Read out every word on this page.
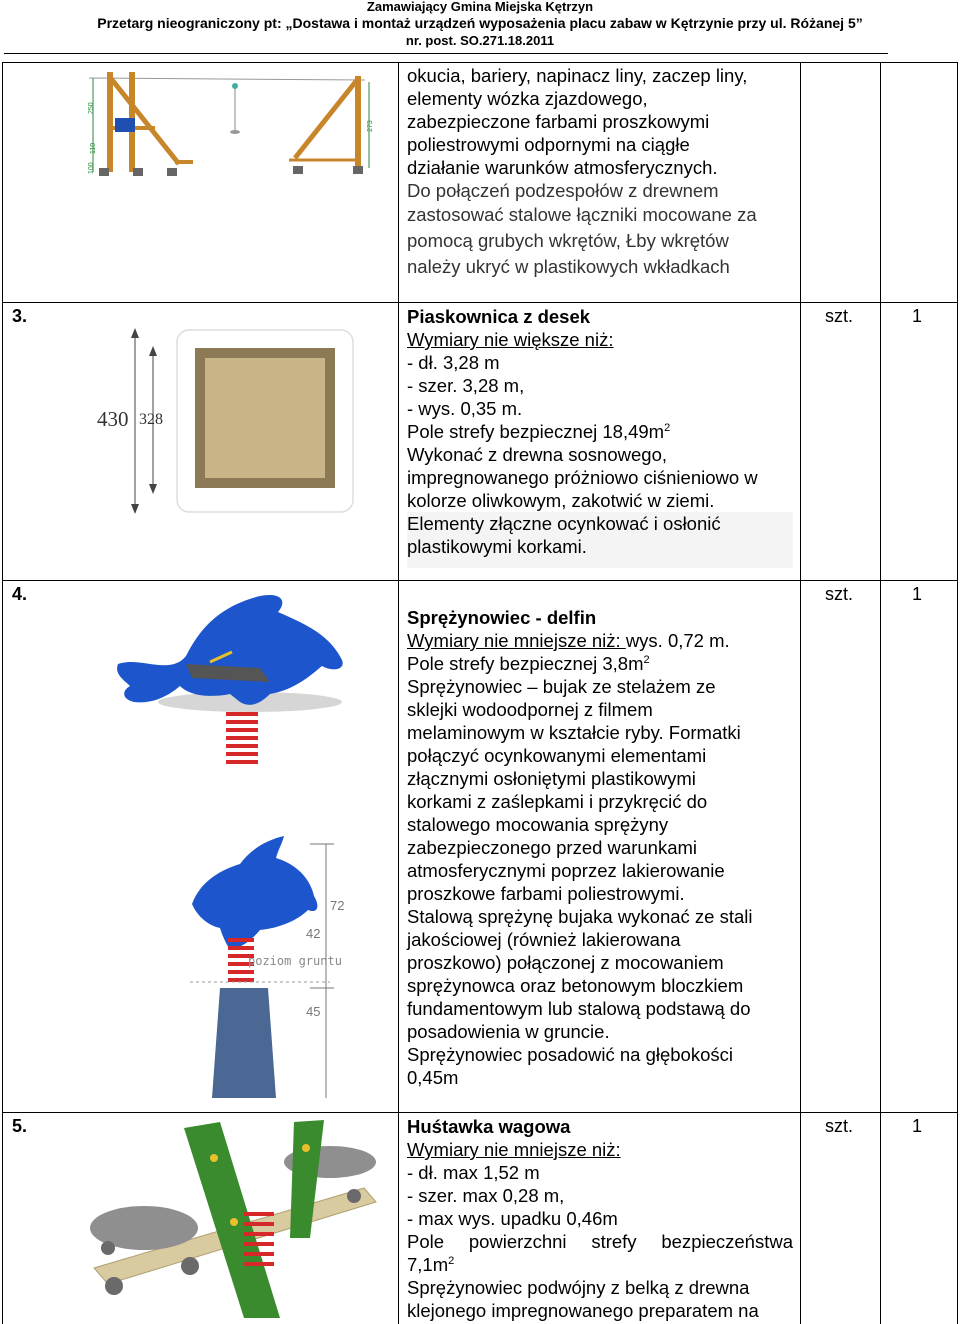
Zamawiający Gmina Miejska Kętrzyn
Przetarg nieograniczony pt: „Dostawa i montaż urządzeń wyposażenia placu zabaw w Kętrzynie przy ul. Różanej 5”
nr. post. SO.271.18.2011
250
110
100
273

okucia, bariery, napinacz liny, zaczep liny,

elementy wózka zjazdowego,

zabezpieczone farbami proszkowymi

poliestrowymi odpornymi na ciągłe

działanie warunków atmosferycznych.

Do połączeń podzespołów z drewnem

zastosować stalowe łączniki mocowane za

pomocą grubych wkrętów, Łby wkrętów

należy ukryć w plastikowych wkładkach

3.
430 328

Piaskownica z desek

Wymiary nie większe niż:

- dł. 3,28 m

- szer. 3,28 m,

- wys. 0,35 m.

Pole strefy bezpiecznej $18,49m^2$

Wykonać z drewna sosnowego,

impregnowanego próżniowo ciśnieniowo w

kolorze oliwkowym, zakotwić w ziemi.

Elementy złączne ocynkować i osłonić

plastikowymi korkami.

szt.	1
4.
poziom gruntu
72
42
45

Sprężynowiec - delfin

Wymiary nie mniejsze niż: wys. 0,72 m.

Pole strefy bezpiecznej $3,8m^2$

Sprężynowiec – bujak ze stelażem ze

sklejki wodoodpornej z filmem

melaminowym w kształcie ryby. Formatki

połączyć ocynkowanymi elementami

złącznymi osłoniętymi plastikowymi

korkami z zaślepkami i przykręcić do

stalowego mocowania sprężyny

zabezpieczonego przed warunkami

atmosferycznymi poprzez lakierowanie

proszkowe farbami poliestrowymi.

Stalową sprężynę bujaka wykonać ze stali

jakościowej (również lakierowana

proszkowo) połączonej z mocowaniem

sprężynowca oraz betonowym bloczkiem

fundamentowym lub stalową podstawą do

posadowienia w gruncie.

Sprężynowiec posadowić na głębokości

0,45m

szt.	1
5.	Huśtawka wagowa

Wymiary nie mniejsze niż:

- dł. max 1,52 m

- szer. max 0,28 m,

- max wys. upadku 0,46m

Pole powierzchni strefy bezpieczeństwa

$7,1m^2$

Sprężynowiec podwójny z belką z drewna

klejonego impregnowanego preparatem na

szt.	1
